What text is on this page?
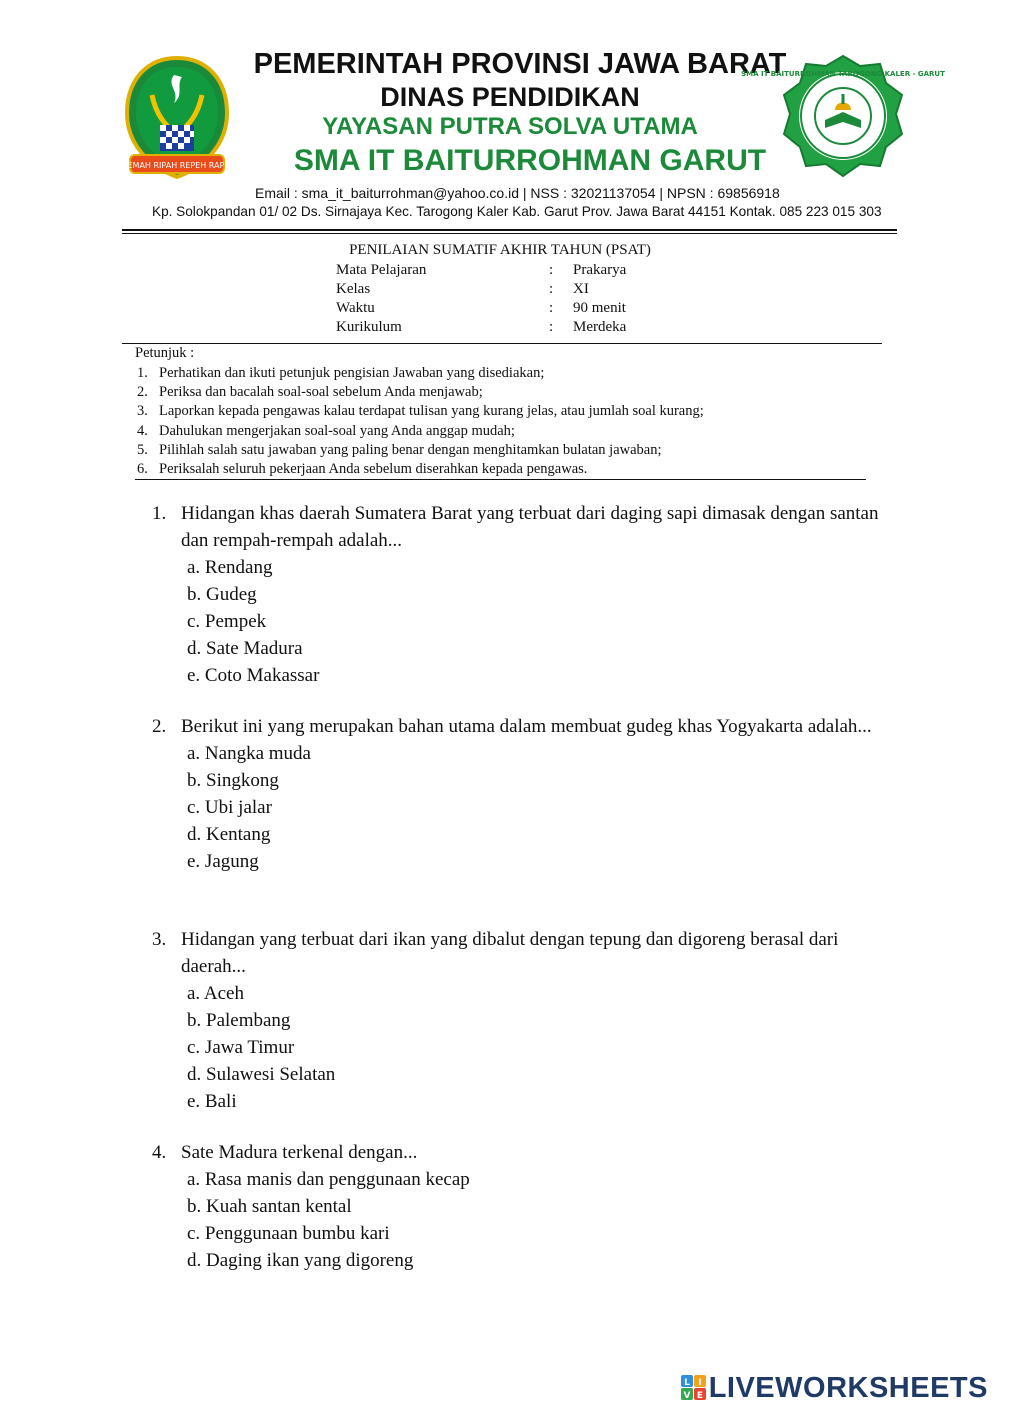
GEMAH RIPAH REPEH RAPIH
PEMERINTAH PROVINSI JAWA BARAT
DINAS PENDIDIKAN
YAYASAN PUTRA SOLVA UTAMA
SMA IT BAITURROHMAN GARUT
SMA IT BAITURROHMAN TAROGONG KALER - GARUT
Email : sma_it_baiturrohman@yahoo.co.id | NSS : 32021137054 | NPSN : 69856918
Kp. Solokpandan 01/ 02 Ds. Sirnajaya Kec. Tarogong Kaler Kab. Garut Prov. Jawa Barat 44151 Kontak. 085 223 015 303
PENILAIAN SUMATIF AKHIR TAHUN (PSAT)
Mata Pelajaran	: Prakarya
Kelas	: XI
Waktu	: 90 menit
Kurikulum	: Merdeka
Petunjuk :
1. Perhatikan dan ikuti petunjuk pengisian Jawaban yang disediakan;
2. Periksa dan bacalah soal-soal sebelum Anda menjawab;
3. Laporkan kepada pengawas kalau terdapat tulisan yang kurang jelas, atau jumlah soal kurang;
4. Dahulukan mengerjakan soal-soal yang Anda anggap mudah;
5. Pilihlah salah satu jawaban yang paling benar dengan menghitamkan bulatan jawaban;
6. Periksalah seluruh pekerjaan Anda sebelum diserahkan kepada pengawas.
1. Hidangan khas daerah Sumatera Barat yang terbuat dari daging sapi dimasak dengan santan dan rempah-rempah adalah...
a. Rendang
b. Gudeg
c. Pempek
d. Sate Madura
e. Coto Makassar
2. Berikut ini yang merupakan bahan utama dalam membuat gudeg khas Yogyakarta adalah...
a. Nangka muda
b. Singkong
c. Ubi jalar
d. Kentang
e. Jagung
3. Hidangan yang terbuat dari ikan yang dibalut dengan tepung dan digoreng berasal dari daerah...
a. Aceh
b. Palembang
c. Jawa Timur
d. Sulawesi Selatan
e. Bali
4. Sate Madura terkenal dengan...
a. Rasa manis dan penggunaan kecap
b. Kuah santan kental
c. Penggunaan bumbu kari
d. Daging ikan yang digoreng
L I
V E LIVEWORKSHEETS
